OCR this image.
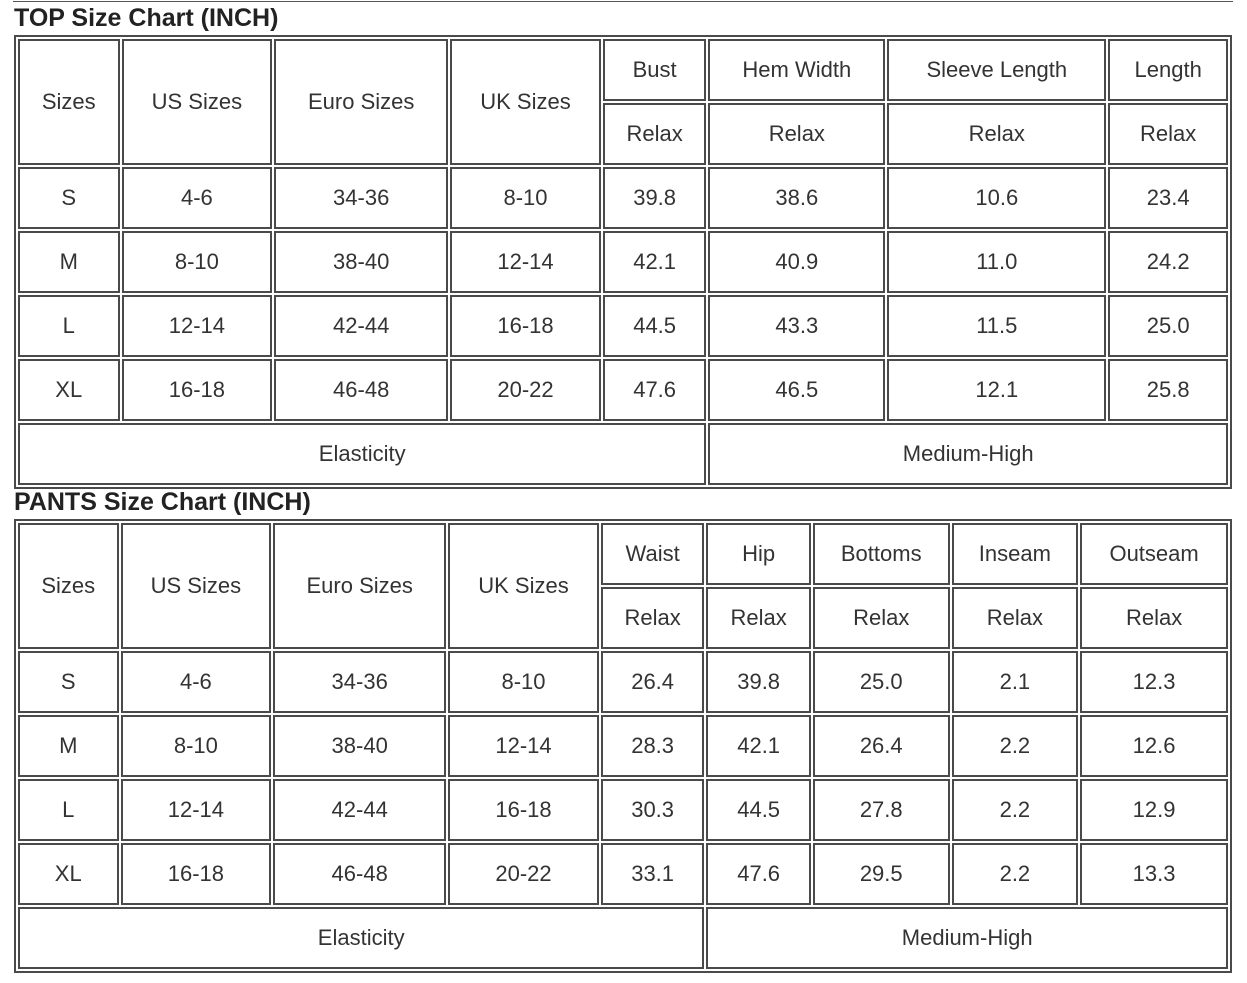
TOP Size Chart (INCH)
Sizes	US Sizes	Euro Sizes	UK Sizes	Bust	Hem Width	Sleeve Length	Length
				Relax	Relax	Relax	Relax
S	4-6	34-36	8-10	39.8	38.6	10.6	23.4
M	8-10	38-40	12-14	42.1	40.9	11.0	24.2
L	12-14	42-44	16-18	44.5	43.3	11.5	25.0
XL	16-18	46-48	20-22	47.6	46.5	12.1	25.8
Elasticity					Medium-High		
PANTS Size Chart (INCH)
Sizes	US Sizes	Euro Sizes	UK Sizes	Waist	Hip	Bottoms	Inseam	Outseam
				Relax	Relax	Relax	Relax	Relax
S	4-6	34-36	8-10	26.4	39.8	25.0	2.1	12.3
M	8-10	38-40	12-14	28.3	42.1	26.4	2.2	12.6
L	12-14	42-44	16-18	30.3	44.5	27.8	2.2	12.9
XL	16-18	46-48	20-22	33.1	47.6	29.5	2.2	13.3
Elasticity					Medium-High			
